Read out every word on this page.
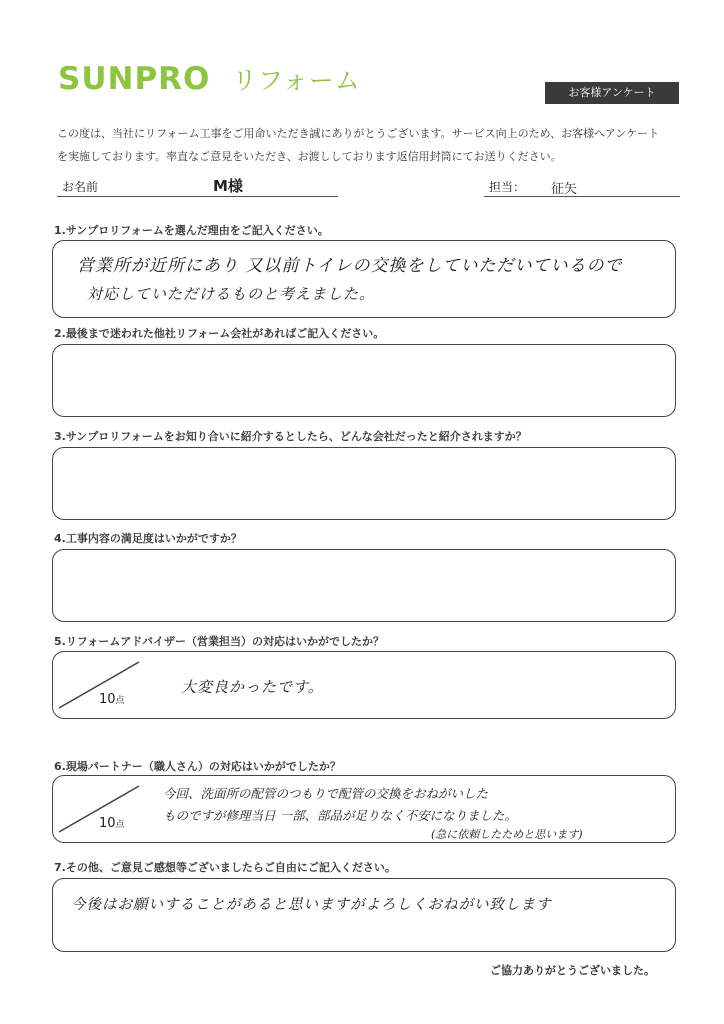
SUNPRO リフォーム	お客様アンケート
この度は、当社にリフォーム工事をご用命いただき誠にありがとうございます。サービス向上のため、お客様へアンケート
を実施しております。率直なご意見をいただき、お渡ししております返信用封筒にてお送りください。
お名前	M様	担当： 征矢
1.サンプロリフォームを選んだ理由をご記入ください。
営業所が近所にあり 又以前トイレの交換をしていただいているので
対応していただけるものと考えました。
2.最後まで迷われた他社リフォーム会社があればご記入ください。
3.サンプロリフォームをお知り合いに紹介するとしたら、どんな会社だったと紹介されますか？
4.工事内容の満足度はいかがですか？
5.リフォームアドバイザー（営業担当）の対応はいかがでしたか？
10点
大変良かったです。
6.現場パートナー（職人さん）の対応はいかがでしたか？
10点
今回、洗面所の配管のつもりで配管の交換をおねがいした
ものですが修理当日 一部、部品が足りなく不安になりました。
(急に依頼したためと思います)
7.その他、ご意見ご感想等ございましたらご自由にご記入ください。
今後はお願いすることがあると思いますがよろしくおねがい致します
ご協力ありがとうございました。
